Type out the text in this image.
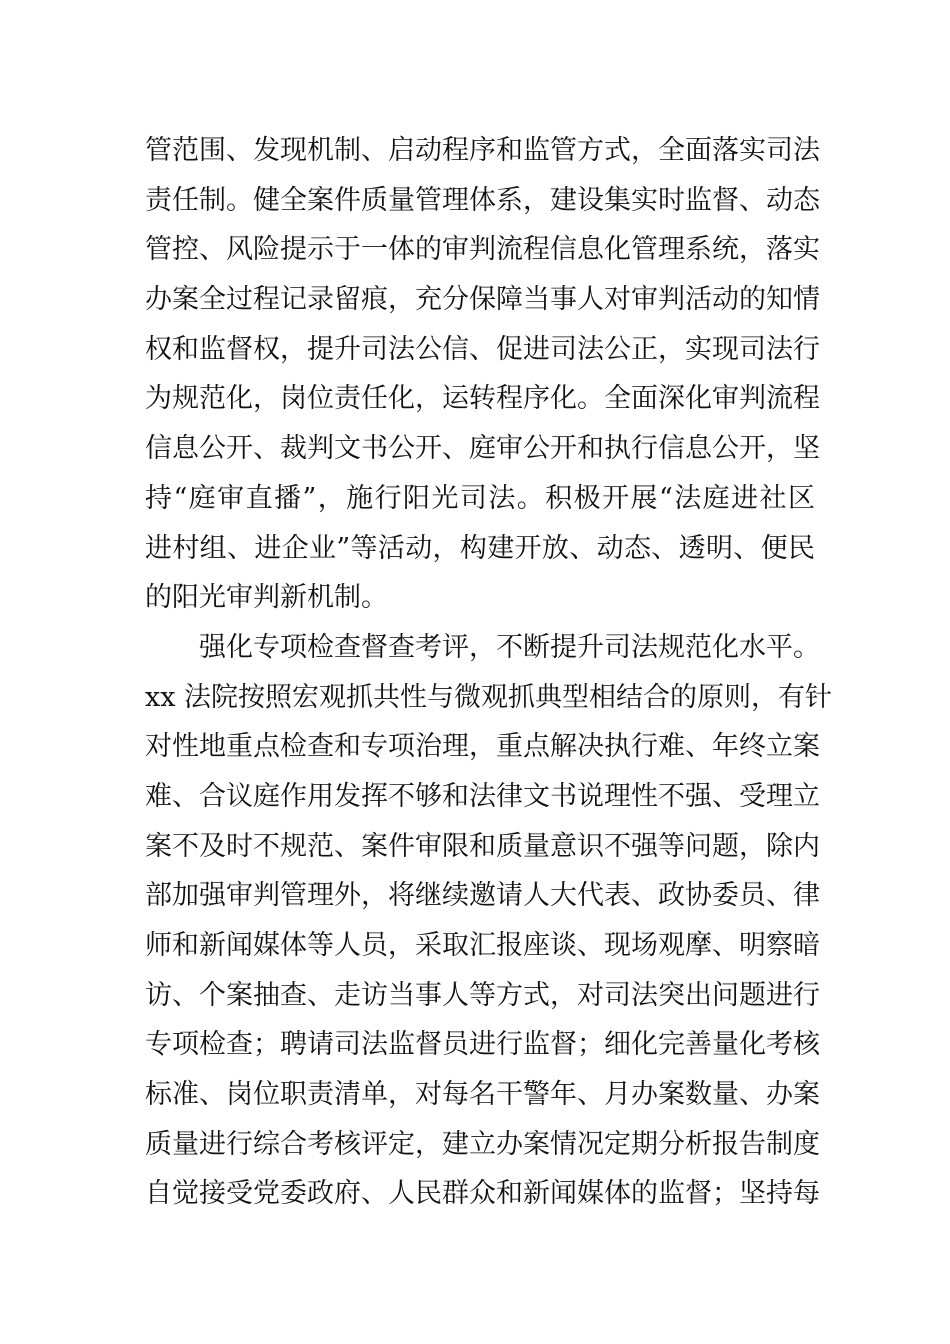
管范围、发现机制、启动程序和监管方式，全面落实司法
责任制。健全案件质量管理体系，建设集实时监督、动态
管控、风险提示于一体的审判流程信息化管理系统，落实
办案全过程记录留痕，充分保障当事人对审判活动的知情
权和监督权，提升司法公信、促进司法公正，实现司法行
为规范化，岗位责任化，运转程序化。全面深化审判流程
信息公开、裁判文书公开、庭审公开和执行信息公开，坚
持“庭审直播”，施行阳光司法。积极开展“法庭进社区
进村组、进企业”等活动，构建开放、动态、透明、便民
的阳光审判新机制。
强化专项检查督查考评，不断提升司法规范化水平。
xx 法院按照宏观抓共性与微观抓典型相结合的原则，有针
对性地重点检查和专项治理，重点解决执行难、年终立案
难、合议庭作用发挥不够和法律文书说理性不强、受理立
案不及时不规范、案件审限和质量意识不强等问题，除内
部加强审判管理外，将继续邀请人大代表、政协委员、律
师和新闻媒体等人员，采取汇报座谈、现场观摩、明察暗
访、个案抽查、走访当事人等方式，对司法突出问题进行
专项检查；聘请司法监督员进行监督；细化完善量化考核
标准、岗位职责清单，对每名干警年、月办案数量、办案
质量进行综合考核评定，建立办案情况定期分析报告制度
自觉接受党委政府、人民群众和新闻媒体的监督；坚持每
